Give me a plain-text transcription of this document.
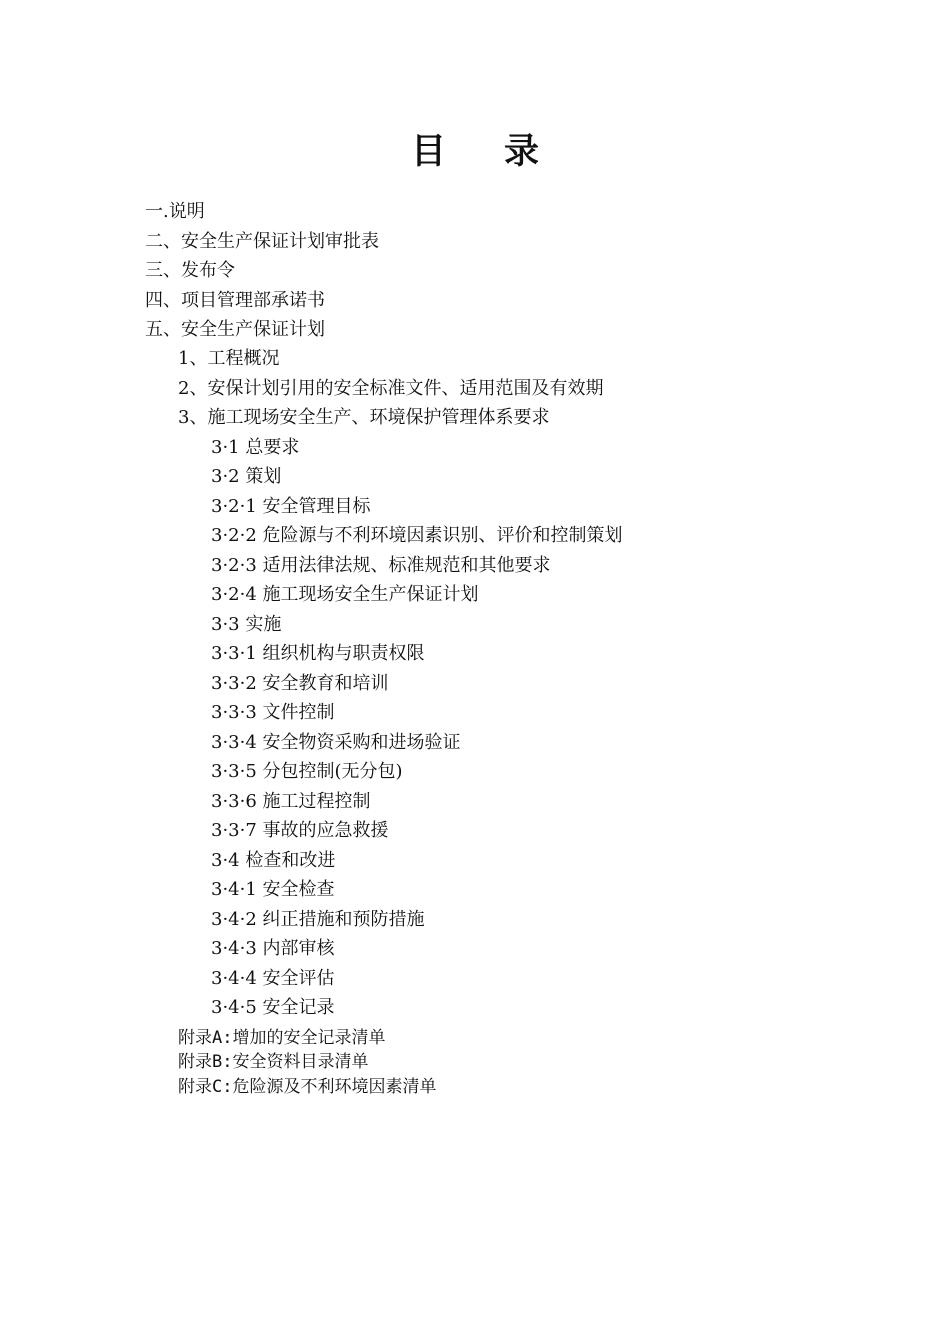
目 录
一.说明
二、安全生产保证计划审批表
三、发布令
四、项目管理部承诺书
五、安全生产保证计划
1、工程概况
2、安保计划引用的安全标准文件、适用范围及有效期
3、施工现场安全生产、环境保护管理体系要求
3·1 总要求
3·2 策划
3·2·1 安全管理目标
3·2·2 危险源与不利环境因素识别、评价和控制策划
3·2·3 适用法律法规、标准规范和其他要求
3·2·4 施工现场安全生产保证计划
3·3 实施
3·3·1 组织机构与职责权限
3·3·2 安全教育和培训
3·3·3 文件控制
3·3·4 安全物资采购和进场验证
3·3·5 分包控制(无分包)
3·3·6 施工过程控制
3·3·7 事故的应急救援
3·4 检查和改进
3·4·1 安全检查
3·4·2 纠正措施和预防措施
3·4·3 内部审核
3·4·4 安全评估
3·4·5 安全记录
附录A:增加的安全记录清单
附录B:安全资料目录清单
附录C:危险源及不利环境因素清单
